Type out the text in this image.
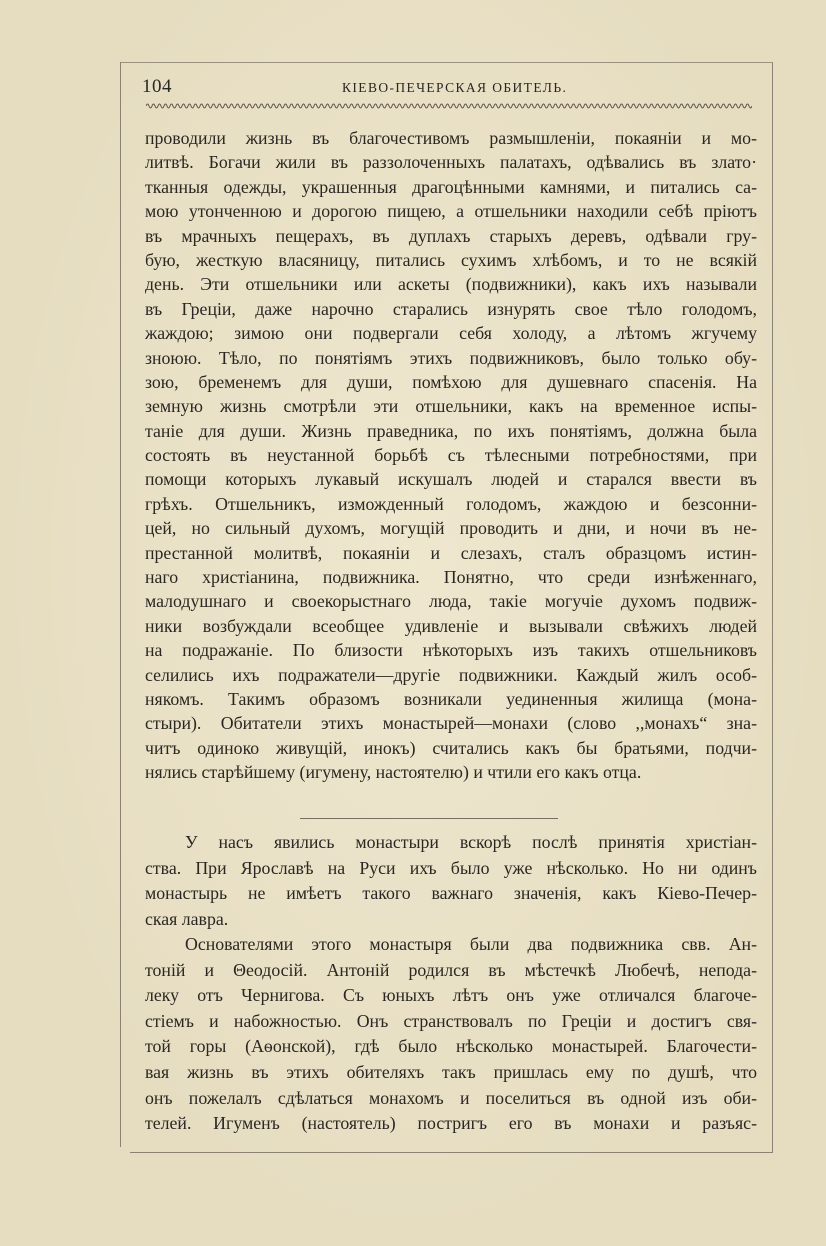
104	КІЕВО-ПЕЧЕРСКАЯ ОБИТЕЛЬ.
проводили жизнь въ благочестивомъ размышленіи, покаяніи и мо-
литвѣ. Богачи жили въ раззолоченныхъ палатахъ, одѣвались въ злато·
тканныя одежды, украшенныя драгоцѣнными камнями, и питались са-
мою утонченною и дорогою пищею, а отшельники находили себѣ пріютъ
въ мрачныхъ пещерахъ, въ дуплахъ старыхъ деревъ, одѣвали гру-
бую, жесткую власяницу, питались сухимъ хлѣбомъ, и то не всякій
день. Эти отшельники или аскеты (подвижники), какъ ихъ называли
въ Греціи, даже нарочно старались изнурять свое тѣло голодомъ,
жаждою; зимою они подвергали себя холоду, а лѣтомъ жгучему
зноюю. Тѣло, по понятіямъ этихъ подвижниковъ, было только обу-
зою, бременемъ для души, помѣхою для душевнаго спасенія. На
земную жизнь смотрѣли эти отшельники, какъ на временное испы-
таніе для души. Жизнь праведника, по ихъ понятіямъ, должна была
состоять въ неустанной борьбѣ съ тѣлесными потребностями, при
помощи которыхъ лукавый искушалъ людей и старался ввести въ
грѣхъ. Отшельникъ, изможденный голодомъ, жаждою и безсонни-
цей, но сильный духомъ, могущій проводить и дни, и ночи въ не-
престанной молитвѣ, покаяніи и слезахъ, сталъ образцомъ истин-
наго христіанина, подвижника. Понятно, что среди изнѣженнаго,
малодушнаго и своекорыстнаго люда, такіе могучіе духомъ подвиж-
ники возбуждали всеобщее удивленіе и вызывали свѣжихъ людей
на подражаніе. По близости нѣкоторыхъ изъ такихъ отшельниковъ
селились ихъ подражатели—другіе подвижники. Каждый жилъ особ-
някомъ. Такимъ образомъ возникали уединенныя жилища (мона-
стыри). Обитатели этихъ монастырей—монахи (слово ,,монахъ“ зна-
читъ одиноко живущій, инокъ) считались какъ бы братьями, подчи-
нялись старѣйшему (игумену, настоятелю) и чтили его какъ отца.
У насъ явились монастыри вскорѣ послѣ принятія христіан-
ства. При Ярославѣ на Руси ихъ было уже нѣсколько. Но ни одинъ
монастырь не имѣетъ такого важнаго значенія, какъ Кіево-Печер-
ская лавра.
Основателями этого монастыря были два подвижника свв. Ан-
тоній и Θеодосій. Антоній родился въ мѣстечкѣ Любечѣ, непода-
леку отъ Чернигова. Съ юныхъ лѣтъ онъ уже отличался благоче-
стіемъ и набожностью. Онъ странствовалъ по Греціи и достигъ свя-
той горы (Аѳонской), гдѣ было нѣсколько монастырей. Благочести-
вая жизнь въ этихъ обителяхъ такъ пришлась ему по душѣ, что
онъ пожелалъ сдѣлаться монахомъ и поселиться въ одной изъ оби-
телей. Игуменъ (настоятель) постригъ его въ монахи и разъяс-
